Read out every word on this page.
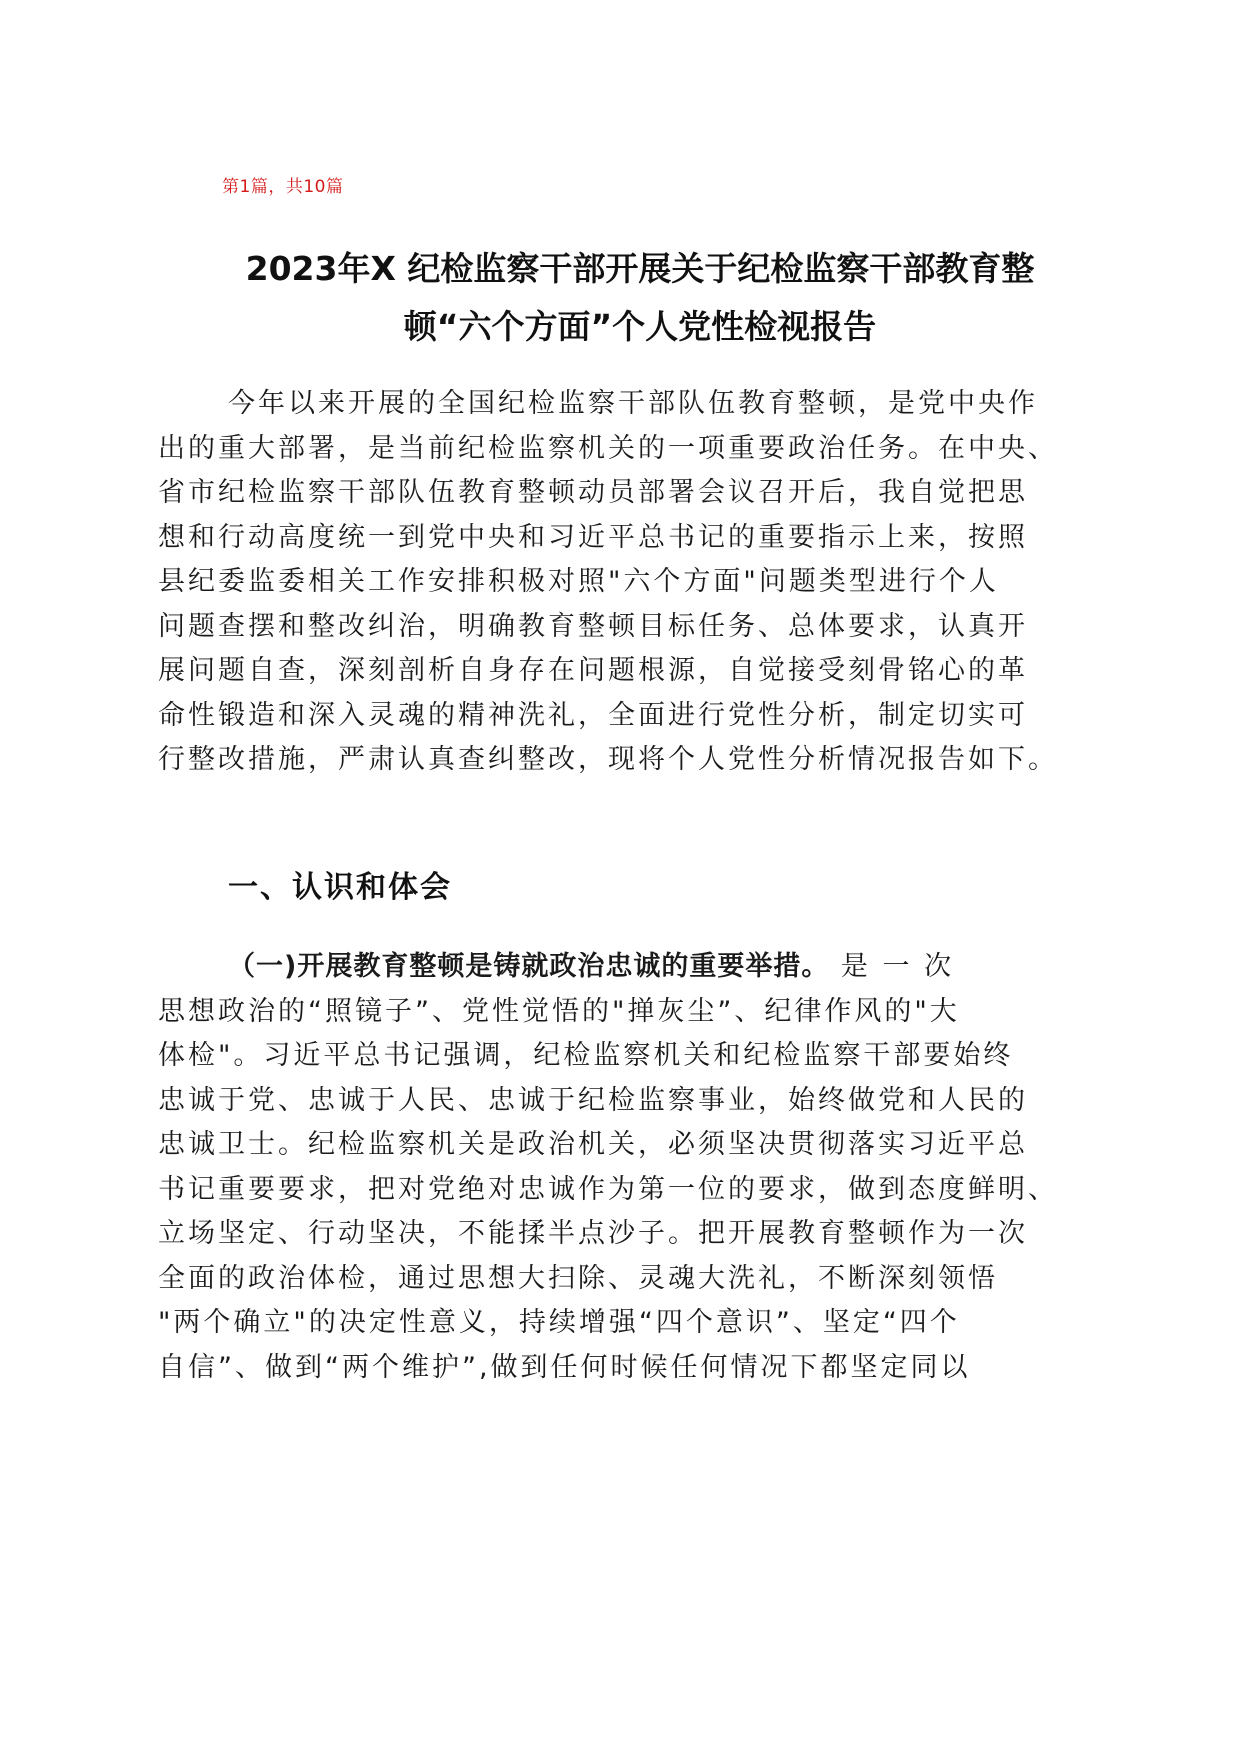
第1篇，共10篇
2023年X 纪检监察干部开展关于纪检监察干部教育整
顿“六个方面”个人党性检视报告
今年以来开展的全国纪检监察干部队伍教育整顿，是党中央作
出的重大部署，是当前纪检监察机关的一项重要政治任务。在中央、
省市纪检监察干部队伍教育整顿动员部署会议召开后，我自觉把思
想和行动高度统一到党中央和习近平总书记的重要指示上来，按照
县纪委监委相关工作安排积极对照"六个方面"问题类型进行个人
问题查摆和整改纠治，明确教育整顿目标任务、总体要求，认真开
展问题自查，深刻剖析自身存在问题根源，自觉接受刻骨铭心的革
命性锻造和深入灵魂的精神洗礼，全面进行党性分析，制定切实可
行整改措施，严肃认真查纠整改，现将个人党性分析情况报告如下。
一、认识和体会
（一)开展教育整顿是铸就政治忠诚的重要举措。 是 一 次
思想政治的“照镜子”、党性觉悟的"掸灰尘”、纪律作风的"大
体检"。习近平总书记强调，纪检监察机关和纪检监察干部要始终
忠诚于党、忠诚于人民、忠诚于纪检监察事业，始终做党和人民的
忠诚卫士。纪检监察机关是政治机关，必须坚决贯彻落实习近平总
书记重要要求，把对党绝对忠诚作为第一位的要求，做到态度鲜明、
立场坚定、行动坚决，不能揉半点沙子。把开展教育整顿作为一次
全面的政治体检，通过思想大扫除、灵魂大洗礼，不断深刻领悟
"两个确立"的决定性意义，持续增强“四个意识”、坚定“四个
自信”、做到“两个维护”,做到任何时候任何情况下都坚定同以
